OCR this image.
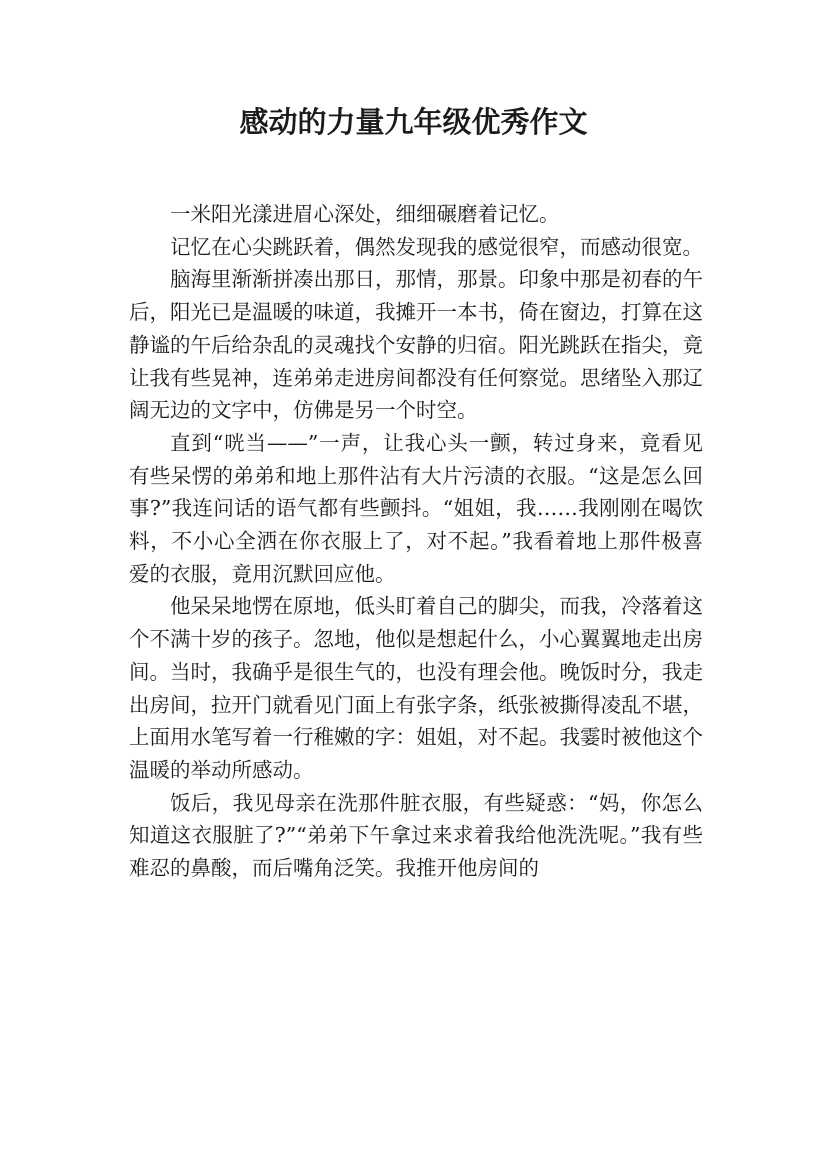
感动的力量九年级优秀作文

一米阳光漾进眉心深处，细细碾磨着记忆。

记忆在心尖跳跃着，偶然发现我的感觉很窄，而感动很宽。

脑海里渐渐拼凑出那日，那情，那景。印象中那是初春的午后，阳光已是温暖的味道，我摊开一本书，倚在窗边，打算在这静谧的午后给杂乱的灵魂找个安静的归宿。阳光跳跃在指尖，竟让我有些晃神，连弟弟走进房间都没有任何察觉。思绪坠入那辽阔无边的文字中，仿佛是另一个时空。

直到“咣当——”一声，让我心头一颤，转过身来，竟看见有些呆愣的弟弟和地上那件沾有大片污渍的衣服。“这是怎么回事?”我连问话的语气都有些颤抖。“姐姐，我……我刚刚在喝饮料，不小心全洒在你衣服上了，对不起。”我看着地上那件极喜爱的衣服，竟用沉默回应他。

他呆呆地愣在原地，低头盯着自己的脚尖，而我，冷落着这个不满十岁的孩子。忽地，他似是想起什么，小心翼翼地走出房间。当时，我确乎是很生气的，也没有理会他。晚饭时分，我走出房间，拉开门就看见门面上有张字条，纸张被撕得凌乱不堪，上面用水笔写着一行稚嫩的字：姐姐，对不起。我霎时被他这个温暖的举动所感动。

饭后，我见母亲在洗那件脏衣服，有些疑惑：“妈，你怎么知道这衣服脏了?”“弟弟下午拿过来求着我给他洗洗呢。”我有些难忍的鼻酸，而后嘴角泛笑。我推开他房间的
